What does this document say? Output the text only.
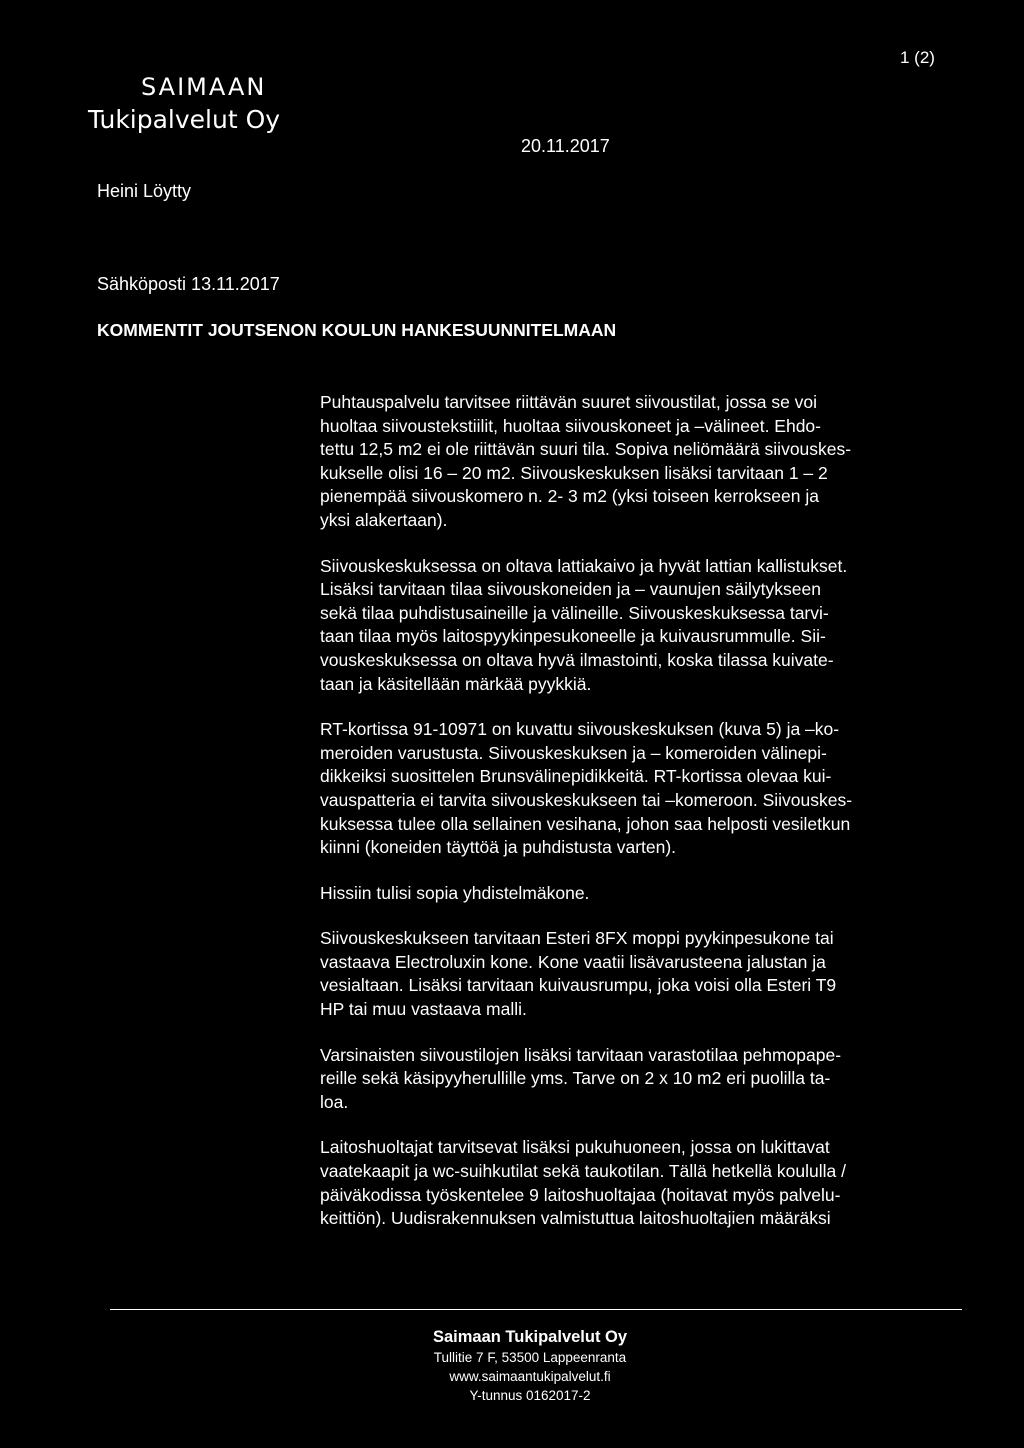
SAIMAAN
Tukipalvelut Oy
1 (2)
20.11.2017
Heini Löytty
Sähköposti 13.11.2017
KOMMENTIT JOUTSENON KOULUN HANKESUUNNITELMAAN
Puhtauspalvelu tarvitsee riittävän suuret siivoustilat, jossa se voi
huoltaa siivoustekstiilit, huoltaa siivouskoneet ja –välineet. Ehdo-
tettu 12,5 m2 ei ole riittävän suuri tila. Sopiva neliömäärä siivouskes-
kukselle olisi 16 – 20 m2. Siivouskeskuksen lisäksi tarvitaan 1 – 2
pienempää siivouskomero n. 2- 3 m2 (yksi toiseen kerrokseen ja
yksi alakertaan).
Siivouskeskuksessa on oltava lattiakaivo ja hyvät lattian kallistukset.
Lisäksi tarvitaan tilaa siivouskoneiden ja – vaunujen säilytykseen
sekä tilaa puhdistusaineille ja välineille. Siivouskeskuksessa tarvi-
taan tilaa myös laitospyykinpesukoneelle ja kuivausrummulle. Sii-
vouskeskuksessa on oltava hyvä ilmastointi, koska tilassa kuivate-
taan ja käsitellään märkää pyykkiä.
RT-kortissa 91-10971 on kuvattu siivouskeskuksen (kuva 5) ja –ko-
meroiden varustusta. Siivouskeskuksen ja – komeroiden välinepi-
dikkeiksi suosittelen Brunsvälinepidikkeitä. RT-kortissa olevaa kui-
vauspatteria ei tarvita siivouskeskukseen tai –komeroon. Siivouskes-
kuksessa tulee olla sellainen vesihana, johon saa helposti vesiletkun
kiinni (koneiden täyttöä ja puhdistusta varten).
Hissiin tulisi sopia yhdistelmäkone.
Siivouskeskukseen tarvitaan Esteri 8FX moppi pyykinpesukone tai
vastaava Electroluxin kone. Kone vaatii lisävarusteena jalustan ja
vesialtaan. Lisäksi tarvitaan kuivausrumpu, joka voisi olla Esteri T9
HP tai muu vastaava malli.
Varsinaisten siivoustilojen lisäksi tarvitaan varastotilaa pehmopape-
reille sekä käsipyyherullille yms. Tarve on 2 x 10 m2 eri puolilla ta-
loa.
Laitoshuoltajat tarvitsevat lisäksi pukuhuoneen, jossa on lukittavat
vaatekaapit ja wc-suihkutilat sekä taukotilan. Tällä hetkellä koululla /
päiväkodissa työskentelee 9 laitoshuoltajaa (hoitavat myös palvelu-
keittiön). Uudisrakennuksen valmistuttua laitoshuoltajien määräksi
Saimaan Tukipalvelut Oy
Tullitie 7 F, 53500 Lappeenranta
www.saimaantukipalvelut.fi
Y-tunnus 0162017-2
